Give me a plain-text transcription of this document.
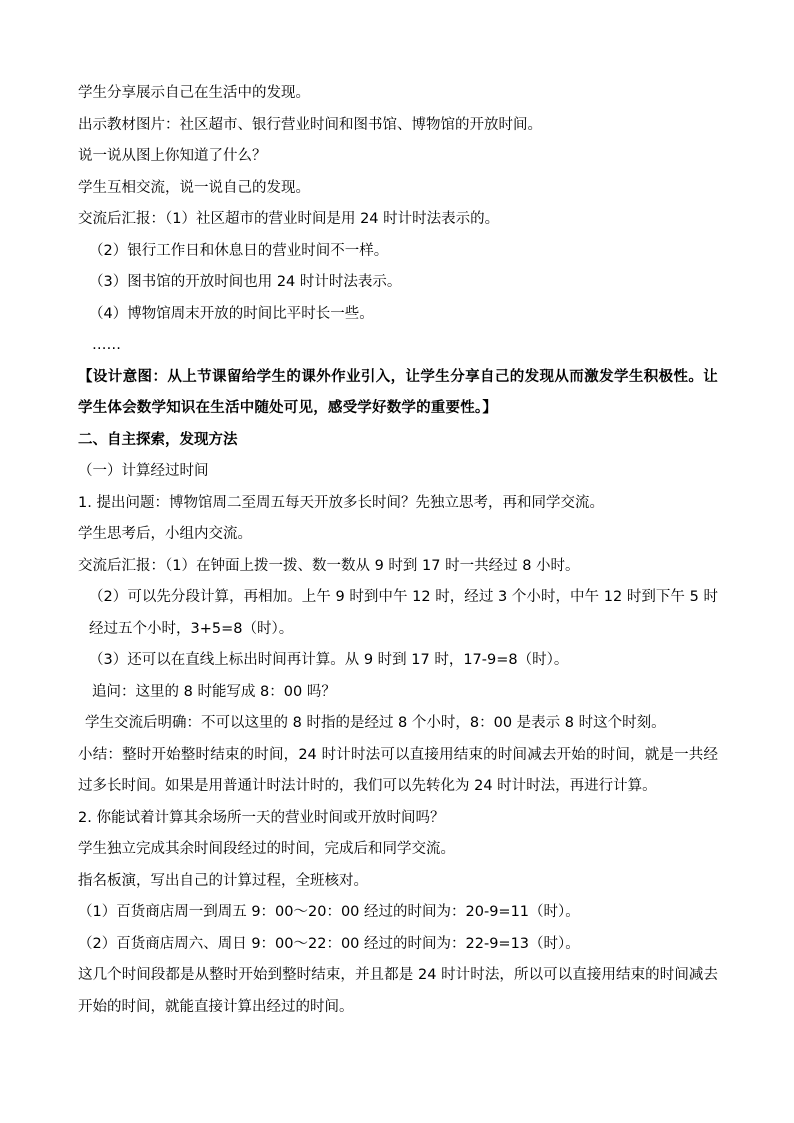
学生分享展示自己在生活中的发现。

出示教材图片：社区超市、银行营业时间和图书馆、博物馆的开放时间。

说一说从图上你知道了什么？

学生互相交流，说一说自己的发现。

交流后汇报：（1）社区超市的营业时间是用 24 时计时法表示的。

（2）银行工作日和休息日的营业时间不一样。

（3）图书馆的开放时间也用 24 时计时法表示。

（4）博物馆周末开放的时间比平时长一些。

……

【设计意图：从上节课留给学生的课外作业引入，让学生分享自己的发现从而激发学生积极性。让学生体会数学知识在生活中随处可见，感受学好数学的重要性。】

二、自主探索，发现方法

（一）计算经过时间

1. 提出问题：博物馆周二至周五每天开放多长时间？先独立思考，再和同学交流。

学生思考后，小组内交流。

交流后汇报：（1）在钟面上拨一拨、数一数从 9 时到 17 时一共经过 8 小时。

（2）可以先分段计算，再相加。上午 9 时到中午 12 时，经过 3 个小时，中午 12 时到下午 5 时经过五个小时，3+5=8（时）。

（3）还可以在直线上标出时间再计算。从 9 时到 17 时，17-9=8（时）。

追问：这里的 8 时能写成 8：00 吗？

学生交流后明确：不可以这里的 8 时指的是经过 8 个小时，8：00 是表示 8 时这个时刻。

小结：整时开始整时结束的时间，24 时计时法可以直接用结束的时间减去开始的时间，就是一共经过多长时间。如果是用普通计时法计时的，我们可以先转化为 24 时计时法，再进行计算。

2. 你能试着计算其余场所一天的营业时间或开放时间吗？

学生独立完成其余时间段经过的时间，完成后和同学交流。

指名板演，写出自己的计算过程，全班核对。

（1）百货商店周一到周五 9：00～20：00 经过的时间为：20-9=11（时）。

（2）百货商店周六、周日 9：00～22：00 经过的时间为：22-9=13（时）。

这几个时间段都是从整时开始到整时结束，并且都是 24 时计时法，所以可以直接用结束的时间减去开始的时间，就能直接计算出经过的时间。
